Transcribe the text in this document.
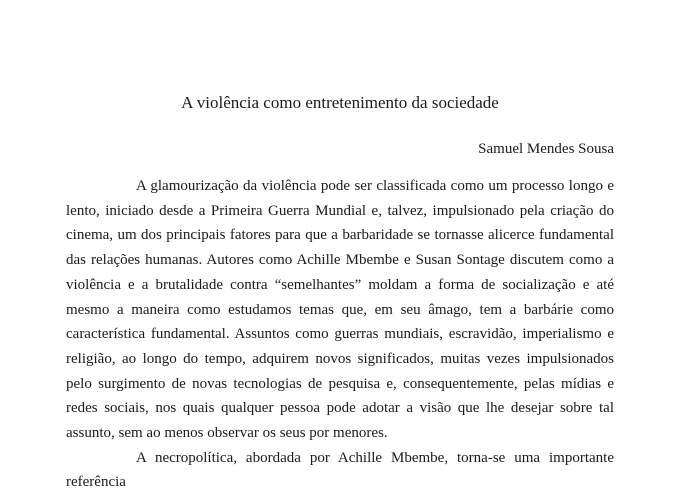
A violência como entretenimento da sociedade
Samuel Mendes Sousa

A glamourização da violência pode ser classificada como um processo longo e lento, iniciado desde a Primeira Guerra Mundial e, talvez, impulsionado pela criação do cinema, um dos principais fatores para que a barbaridade se tornasse alicerce fundamental das relações humanas. Autores como Achille Mbembe e Susan Sontage discutem como a violência e a brutalidade contra “semelhantes” moldam a forma de socialização e até mesmo a maneira como estudamos temas que, em seu âmago, tem a barbárie como característica fundamental. Assuntos como guerras mundiais, escravidão, imperialismo e religião, ao longo do tempo, adquirem novos significados, muitas vezes impulsionados pelo surgimento de novas tecnologias de pesquisa e, consequentemente, pelas mídias e redes sociais, nos quais qualquer pessoa pode adotar a visão que lhe desejar sobre tal assunto, sem ao menos observar os seus por menores.

A necropolítica, abordada por Achille Mbembe, torna-se uma importante referência
